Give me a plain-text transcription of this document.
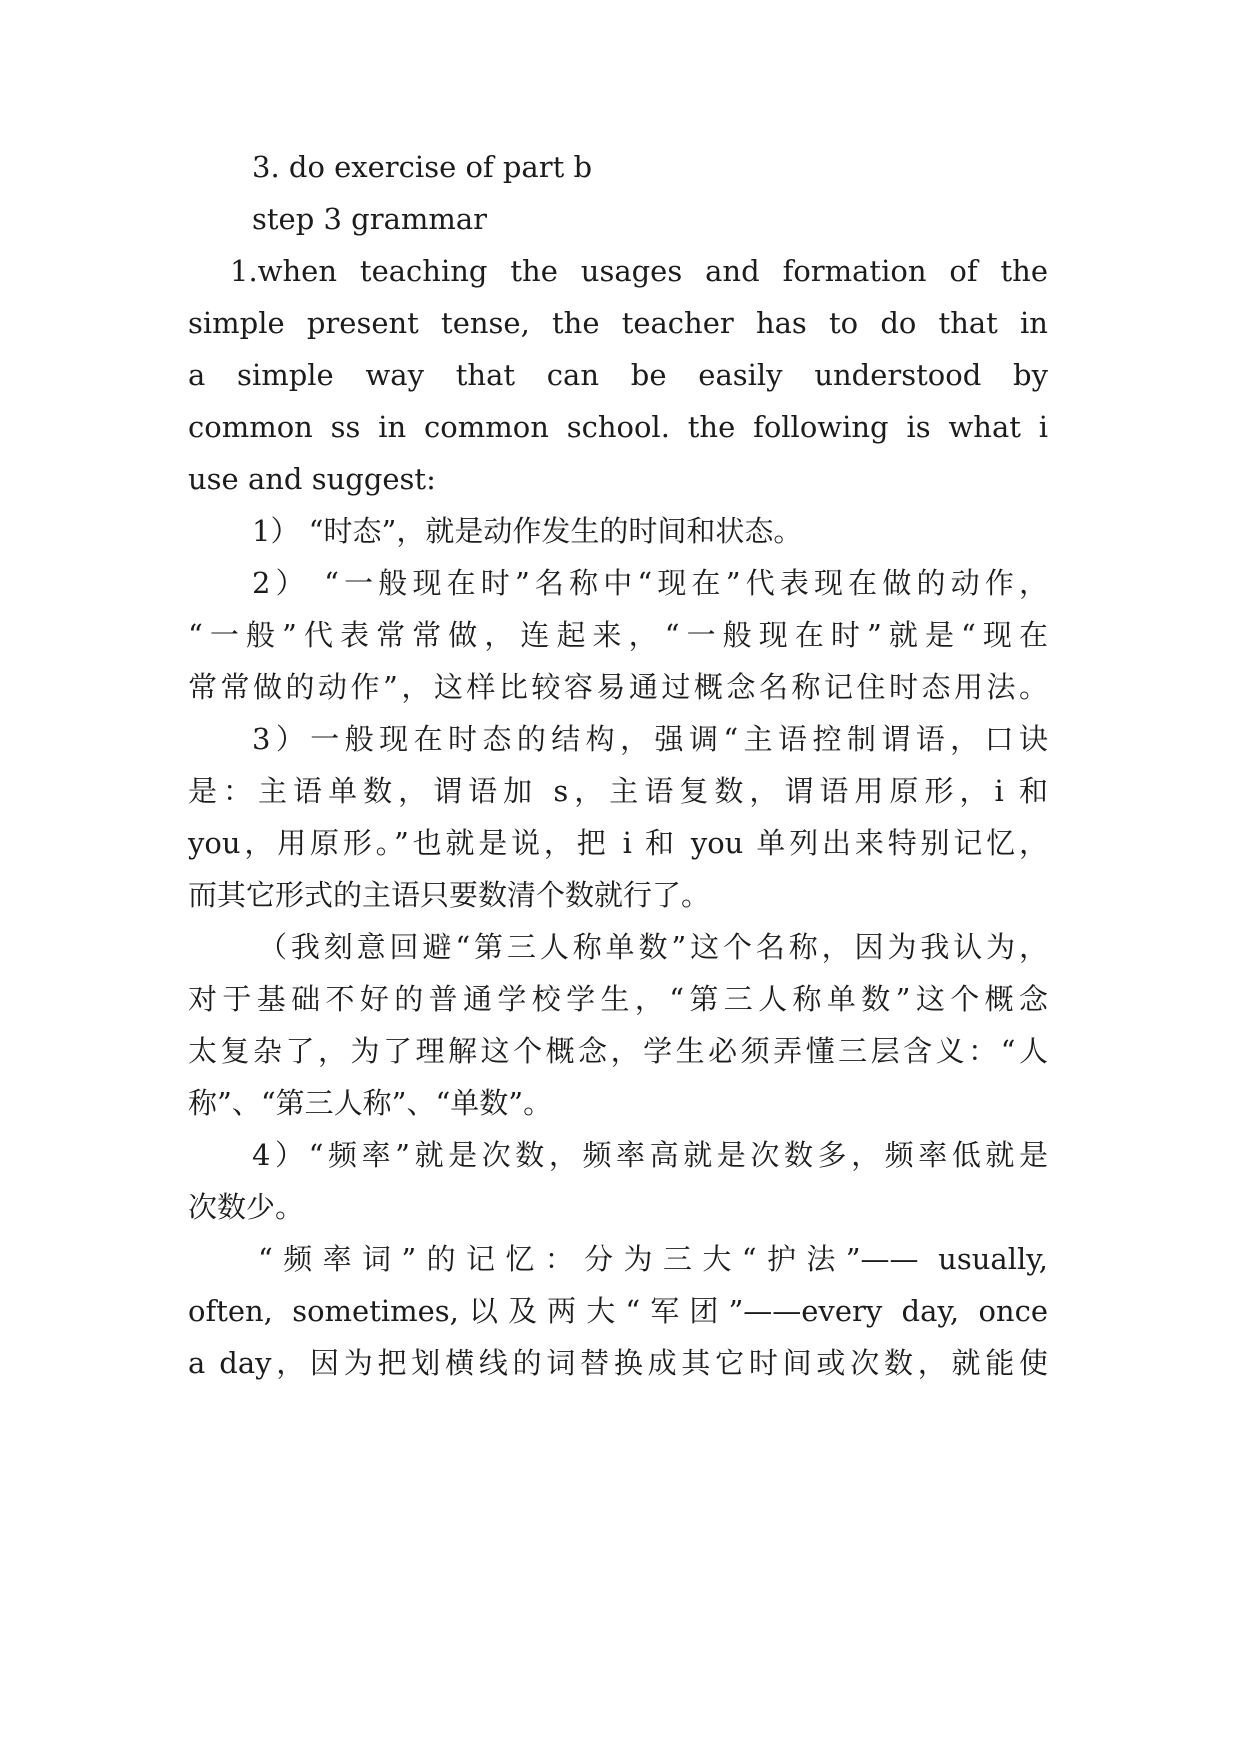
3. do exercise of part b
step 3 grammar
1.when teaching the usages and formation of the
simple present tense, the teacher has to do that in
a simple way that can be easily understood by
common ss in common school. the following is what i
use and suggest:
1） “时态”，就是动作发生的时间和状态。
2） “一般现在时”名称中“现在”代表现在做的动作，
“一般”代表常常做，连起来，“一般现在时”就是“现在
常常做的动作”，这样比较容易通过概念名称记住时态用法。
3）一般现在时态的结构，强调“主语控制谓语，口诀
是：主语单数，谓语加 s，主语复数，谓语用原形，i 和
you，用原形。”也就是说，把 i 和 you 单列出来特别记忆，
而其它形式的主语只要数清个数就行了。
（我刻意回避“第三人称单数”这个名称，因为我认为，
对于基础不好的普通学校学生，“第三人称单数”这个概念
太复杂了，为了理解这个概念，学生必须弄懂三层含义：“人
称”、“第三人称”、“单数”。
4）“频率”就是次数，频率高就是次数多，频率低就是
次数少。
“频率词”的记忆：分为三大“护法”—— usually,
often, sometimes,以及两大“军团”——every day, once
a day，因为把划横线的词替换成其它时间或次数，就能使
